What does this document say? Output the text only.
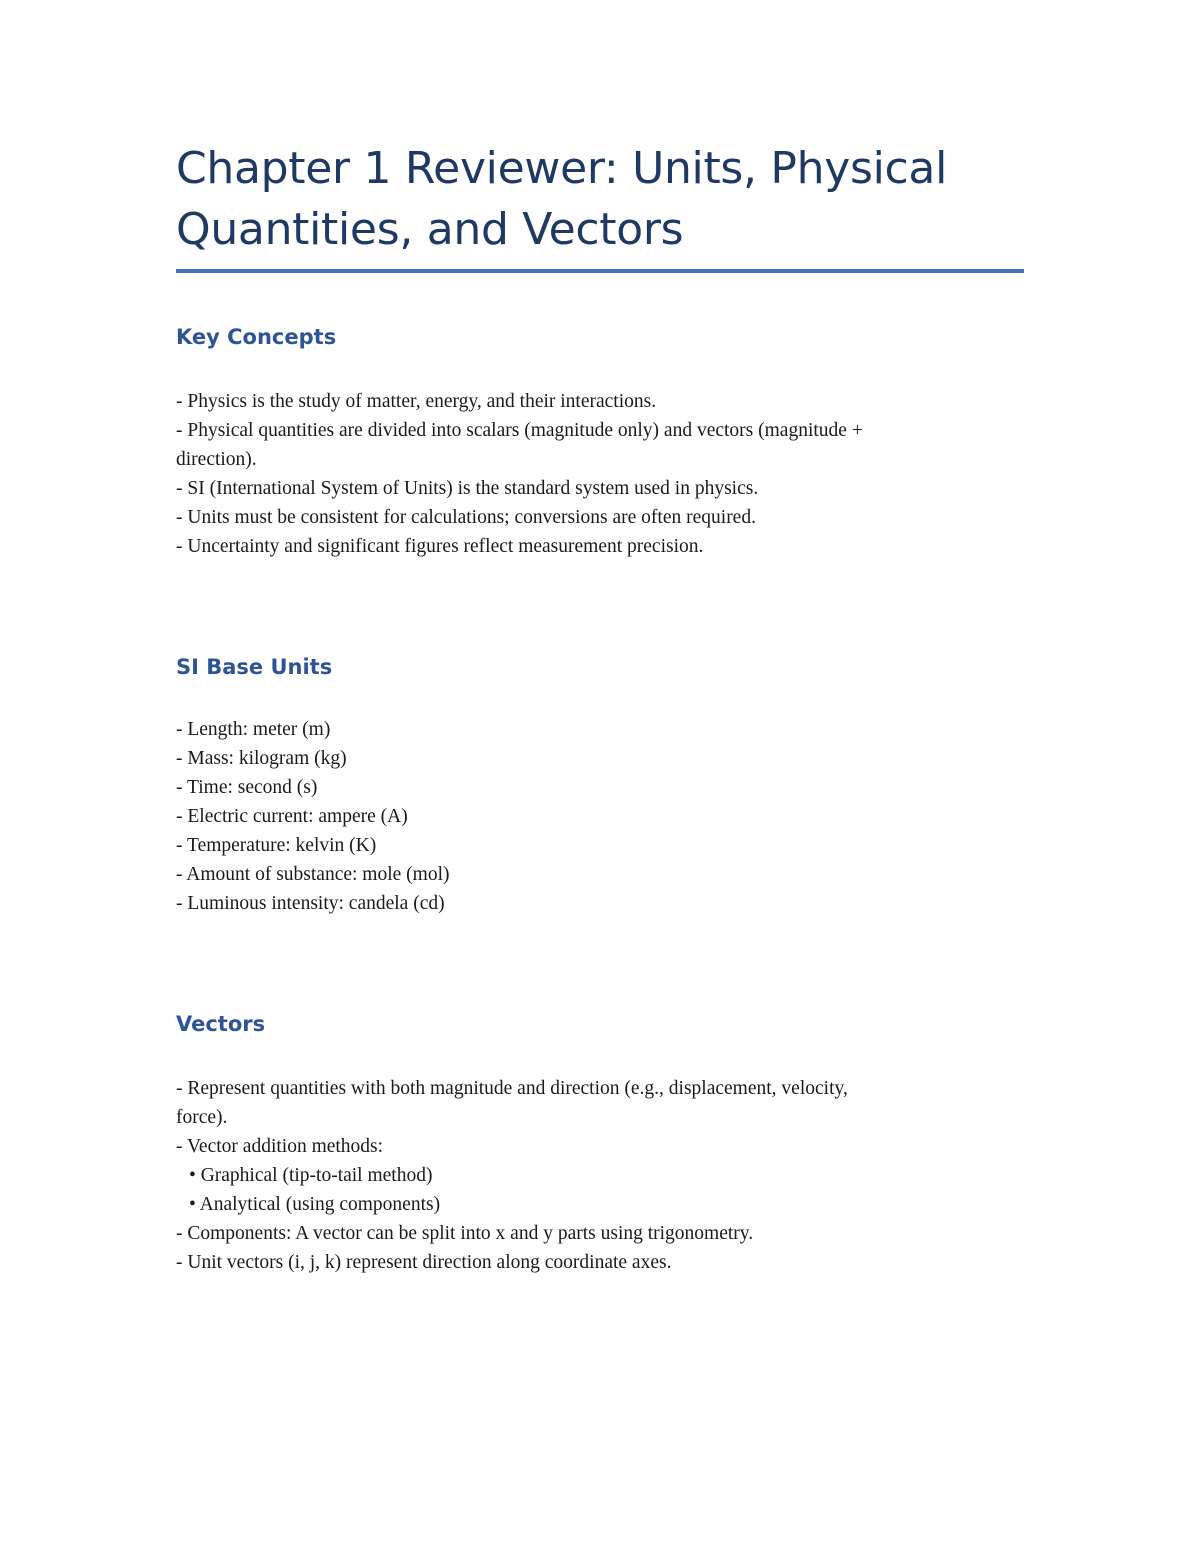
Chapter 1 Reviewer: Units, Physical
Quantities, and Vectors
Key Concepts
- Physics is the study of matter, energy, and their interactions.
- Physical quantities are divided into scalars (magnitude only) and vectors (magnitude +
direction).
- SI (International System of Units) is the standard system used in physics.
- Units must be consistent for calculations; conversions are often required.
- Uncertainty and significant figures reflect measurement precision.
SI Base Units
- Length: meter (m)
- Mass: kilogram (kg)
- Time: second (s)
- Electric current: ampere (A)
- Temperature: kelvin (K)
- Amount of substance: mole (mol)
- Luminous intensity: candela (cd)
Vectors
- Represent quantities with both magnitude and direction (e.g., displacement, velocity,
force).
- Vector addition methods:
• Graphical (tip-to-tail method)
• Analytical (using components)
- Components: A vector can be split into x and y parts using trigonometry.
- Unit vectors (i, j, k) represent direction along coordinate axes.
